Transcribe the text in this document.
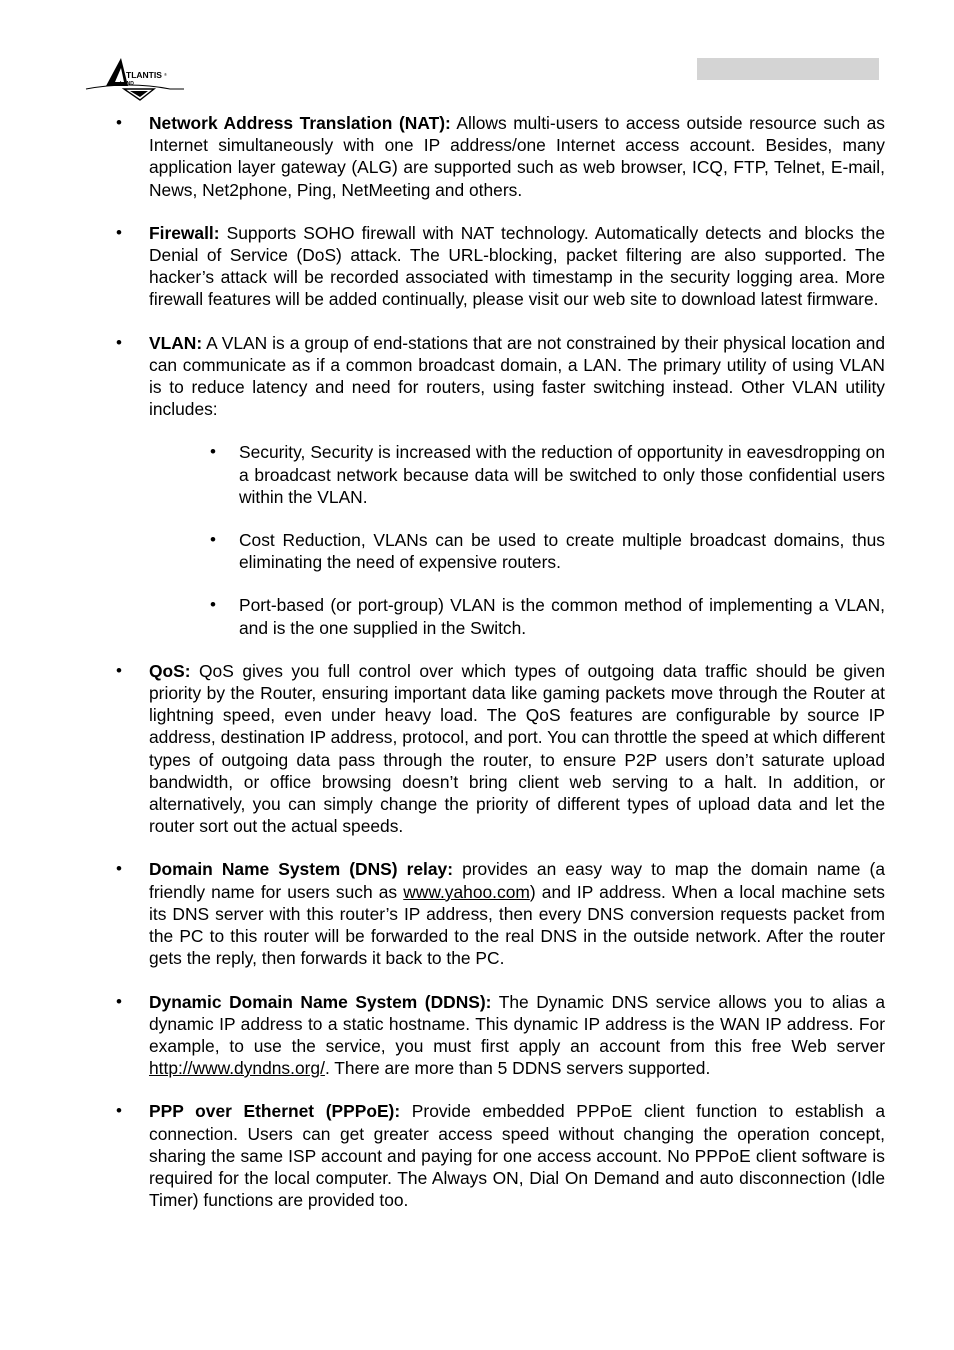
TLANTIS ®
LAND
• Network Address Translation (NAT): Allows multi-users to access outside resource such as Internet simultaneously with one IP address/one Internet access account. Besides, many application layer gateway (ALG) are supported such as web browser, ICQ, FTP, Telnet, E-mail, News, Net2phone, Ping, NetMeeting and others.

• Firewall: Supports SOHO firewall with NAT technology. Automatically detects and blocks the Denial of Service (DoS) attack. The URL-blocking, packet filtering are also supported. The hacker’s attack will be recorded associated with timestamp in the security logging area. More firewall features will be added continually, please visit our web site to download latest firmware.

• VLAN: A VLAN is a group of end-stations that are not constrained by their physical location and can communicate as if a common broadcast domain, a LAN. The primary utility of using VLAN is to reduce latency and need for routers, using faster switching instead. Other VLAN utility includes:

• Security, Security is increased with the reduction of opportunity in eavesdropping on a broadcast network because data will be switched to only those confidential users within the VLAN.

• Cost Reduction, VLANs can be used to create multiple broadcast domains, thus eliminating the need of expensive routers.

• Port-based (or port-group) VLAN is the common method of implementing a VLAN, and is the one supplied in the Switch.

• QoS: QoS gives you full control over which types of outgoing data traffic should be given priority by the Router, ensuring important data like gaming packets move through the Router at lightning speed, even under heavy load. The QoS features are configurable by source IP address, destination IP address, protocol, and port. You can throttle the speed at which different types of outgoing data pass through the router, to ensure P2P users don’t saturate upload bandwidth, or office browsing doesn’t bring client web serving to a halt. In addition, or alternatively, you can simply change the priority of different types of upload data and let the router sort out the actual speeds.

• Domain Name System (DNS) relay: provides an easy way to map the domain name (a friendly name for users such as www.yahoo.com) and IP address. When a local machine sets its DNS server with this router’s IP address, then every DNS conversion requests packet from the PC to this router will be forwarded to the real DNS in the outside network. After the router gets the reply, then forwards it back to the PC.

• Dynamic Domain Name System (DDNS): The Dynamic DNS service allows you to alias a dynamic IP address to a static hostname. This dynamic IP address is the WAN IP address. For example, to use the service, you must first apply an account from this free Web server http://www.dyndns.org/. There are more than 5 DDNS servers supported.

• PPP over Ethernet (PPPoE): Provide embedded PPPoE client function to establish a connection. Users can get greater access speed without changing the operation concept, sharing the same ISP account and paying for one access account. No PPPoE client software is required for the local computer. The Always ON, Dial On Demand and auto disconnection (Idle Timer) functions are provided too.
